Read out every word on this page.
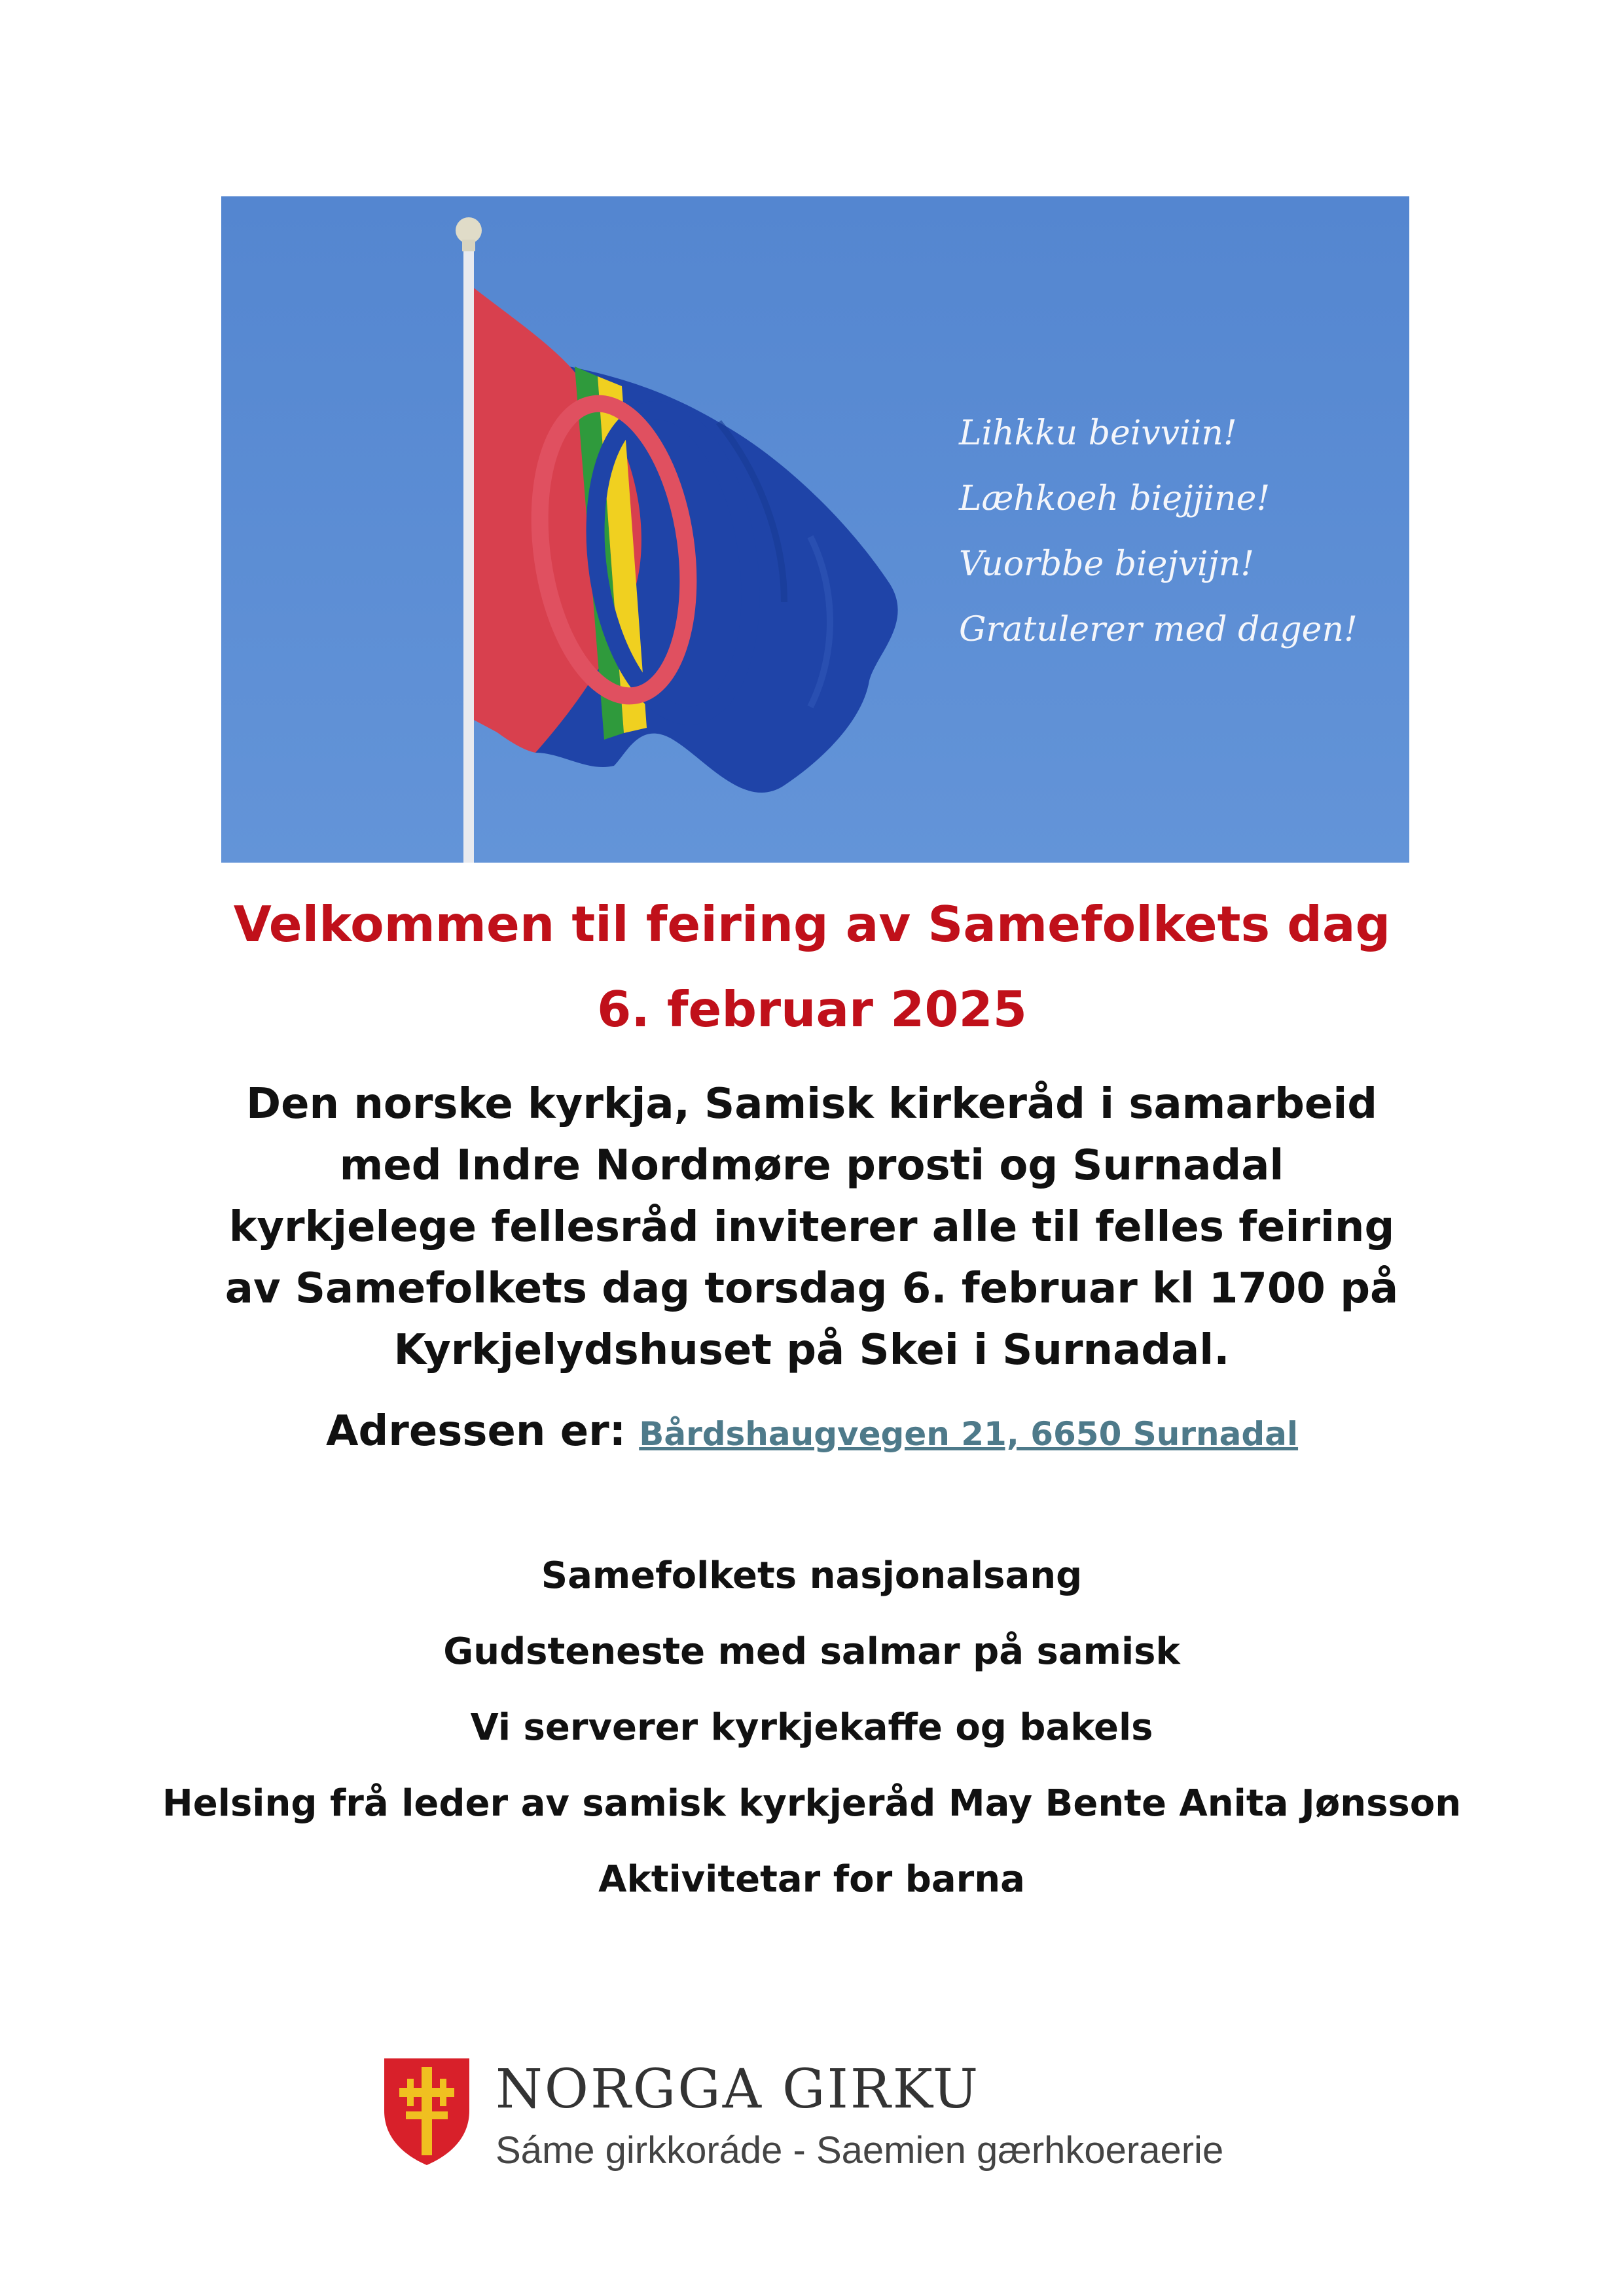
Lihkku beivviin!
Læhkoeh biejjine!
Vuorbbe biejvijn!
Gratulerer med dagen!
Velkommen til feiring av Samefolkets dag
6. februar 2025
Den norske kyrkja, Samisk kirkeråd i samarbeid
med Indre Nordmøre prosti og Surnadal
kyrkjelege fellesråd inviterer alle til felles feiring
av Samefolkets dag torsdag 6. februar kl 1700 på
Kyrkjelydshuset på Skei i Surnadal.
Adressen er: Bårdshaugvegen 21, 6650 Surnadal
Samefolkets nasjonalsang
Gudsteneste med salmar på samisk
Vi serverer kyrkjekaffe og bakels
Helsing frå leder av samisk kyrkjeråd May Bente Anita Jønsson
Aktivitetar for barna
NORGGA GIRKU
Sáme girkkoráde - Saemien gærhkoeraerie
